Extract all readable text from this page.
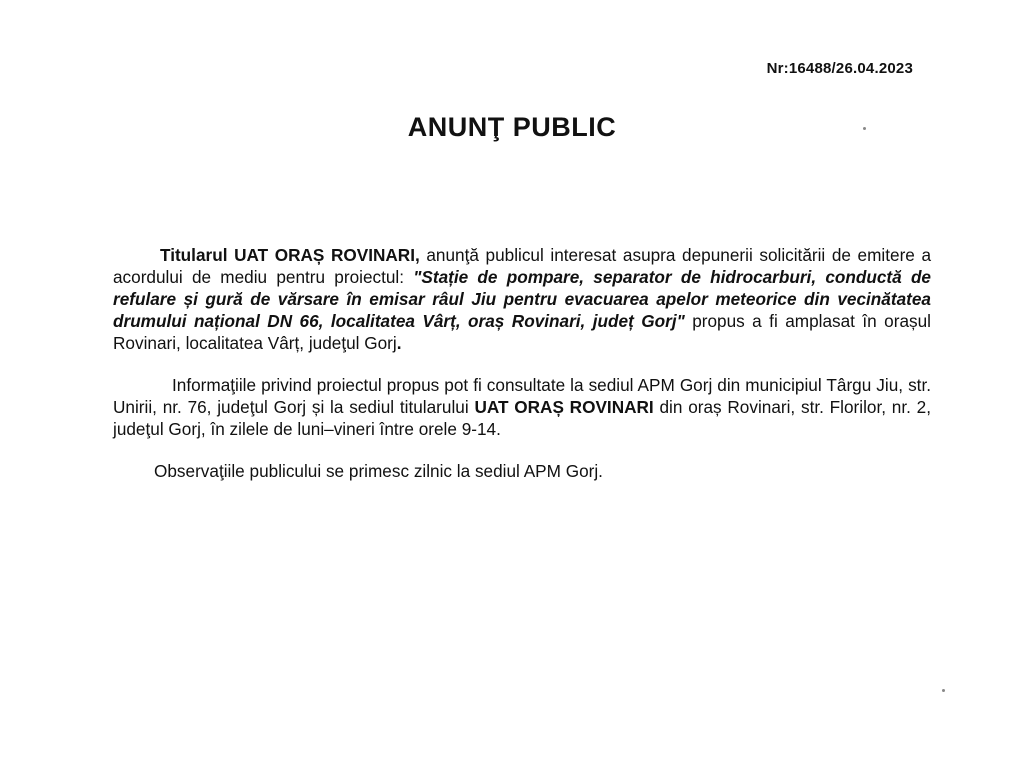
Nr:16488/26.04.2023
ANUNŢ PUBLIC

Titularul UAT ORAȘ ROVINARI, anunţă publicul interesat asupra depunerii solicitării de emitere a acordului de mediu pentru proiectul: "Stație de pompare, separator de hidrocarburi, conductă de refulare și gură de vărsare în emisar râul Jiu pentru evacuarea apelor meteorice din vecinătatea drumului național DN 66, localitatea Vârț, oraș Rovinari, județ Gorj" propus a fi amplasat în orașul Rovinari, localitatea Vârț, judeţul Gorj.

Informaţiile privind proiectul propus pot fi consultate la sediul APM Gorj din municipiul Târgu Jiu, str. Unirii, nr. 76, judeţul Gorj și la sediul titularului UAT ORAȘ ROVINARI din oraș Rovinari, str. Florilor, nr. 2, judeţul Gorj, în zilele de luni–vineri între orele 9-14.

Observaţiile publicului se primesc zilnic la sediul APM Gorj.
